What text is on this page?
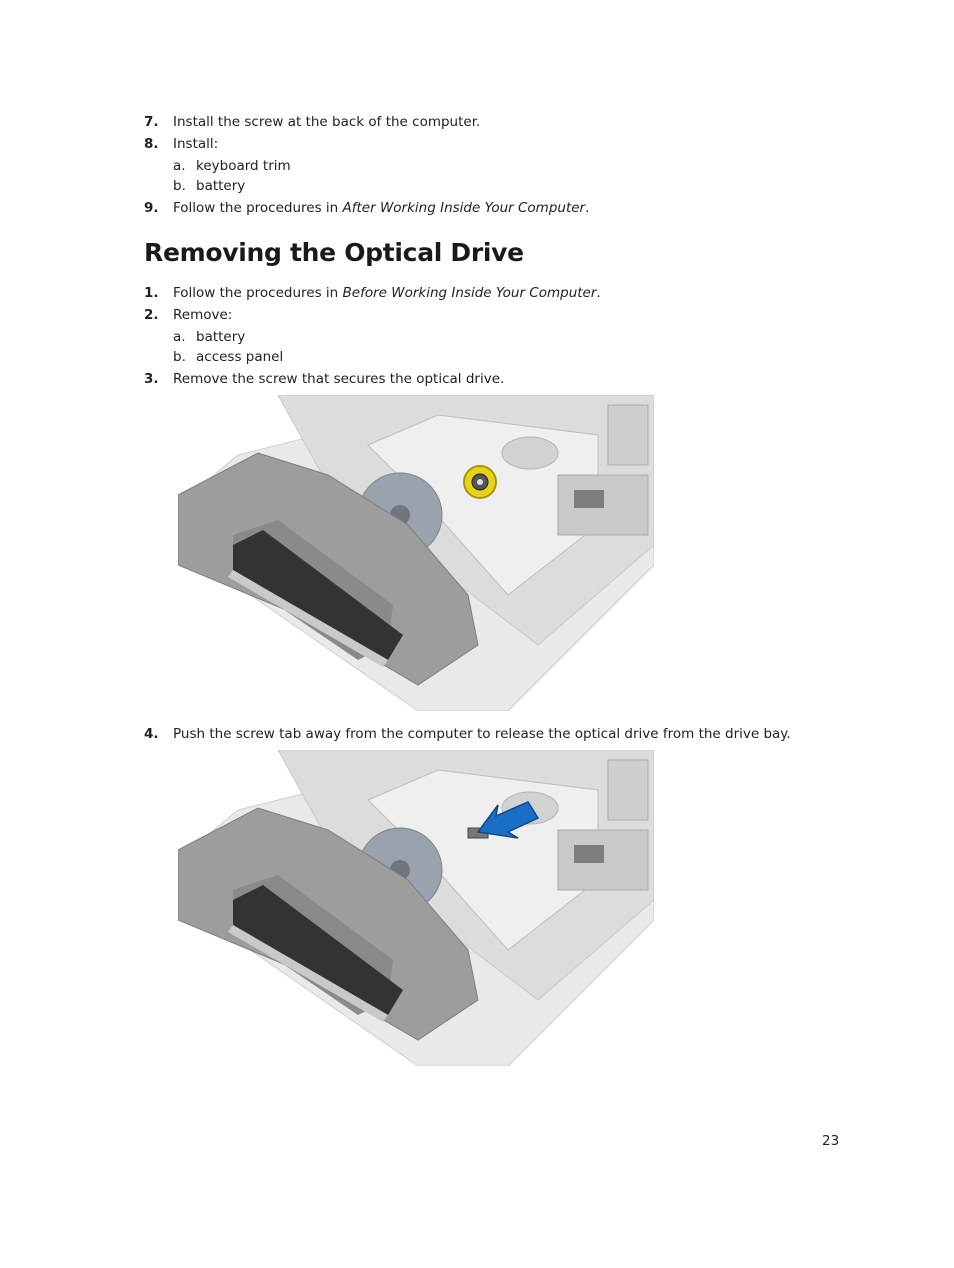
7. Install the screw at the back of the computer.
8. Install:
a. keyboard trim
b. battery
9. Follow the procedures in After Working Inside Your Computer.
Removing the Optical Drive
1. Follow the procedures in Before Working Inside Your Computer.
2. Remove:
a. battery
b. access panel
3. Remove the screw that secures the optical drive.
4. Push the screw tab away from the computer to release the optical drive from the drive bay.
23
